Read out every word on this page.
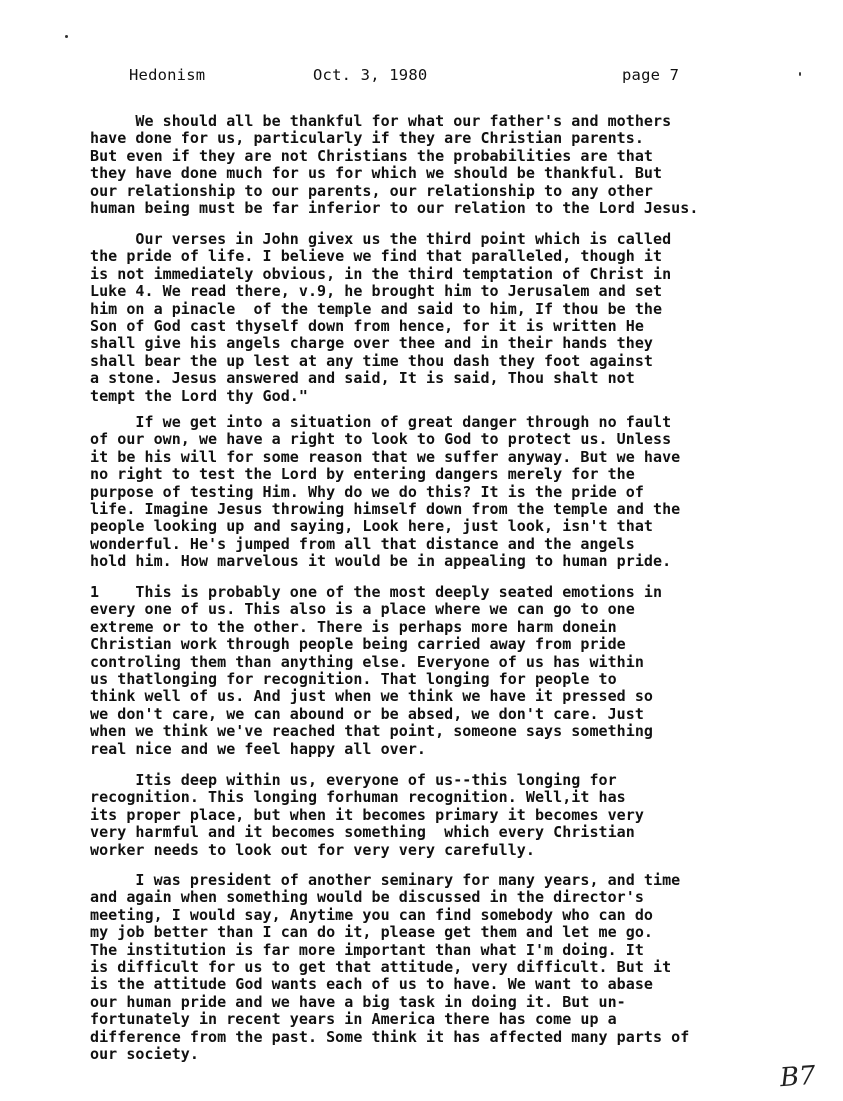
Hedonism	Oct. 3, 1980	page 7

We should all be thankful for what our father's and mothers
have done for us, particularly if they are Christian parents.
But even if they are not Christians the probabilities are that
they have done much for us for which we should be thankful. But
our relationship to our parents, our relationship to any other
human being must be far inferior to our relation to the Lord Jesus.

Our verses in John givex us the third point which is called
the pride of life. I believe we find that paralleled, though it
is not immediately obvious, in the third temptation of Christ in
Luke 4. We read there, v.9, he brought him to Jerusalem and set
him on a pinacle  of the temple and said to him, If thou be the
Son of God cast thyself down from hence, for it is written He
shall give his angels charge over thee and in their hands they
shall bear the up lest at any time thou dash they foot against
a stone. Jesus answered and said, It is said, Thou shalt not
tempt the Lord thy God."

If we get into a situation of great danger through no fault
of our own, we have a right to look to God to protect us. Unless
it be his will for some reason that we suffer anyway. But we have
no right to test the Lord by entering dangers merely for the
purpose of testing Him. Why do we do this? It is the pride of
life. Imagine Jesus throwing himself down from the temple and the
people looking up and saying, Look here, just look, isn't that
wonderful. He's jumped from all that distance and the angels
hold him. How marvelous it would be in appealing to human pride.

1    This is probably one of the most deeply seated emotions in
every one of us. This also is a place where we can go to one
extreme or to the other. There is perhaps more harm donein
Christian work through people being carried away from pride
controling them than anything else. Everyone of us has within
us thatlonging for recognition. That longing for people to
think well of us. And just when we think we have it pressed so
we don't care, we can abound or be absed, we don't care. Just
when we think we've reached that point, someone says something
real nice and we feel happy all over.

Itis deep within us, everyone of us--this longing for
recognition. This longing forhuman recognition. Well,it has
its proper place, but when it becomes primary it becomes very
very harmful and it becomes something  which every Christian
worker needs to look out for very very carefully.

I was president of another seminary for many years, and time
and again when something would be discussed in the director's
meeting, I would say, Anytime you can find somebody who can do
my job better than I can do it, please get them and let me go.
The institution is far more important than what I'm doing. It
is difficult for us to get that attitude, very difficult. But it
is the attitude God wants each of us to have. We want to abase
our human pride and we have a big task in doing it. But un-
fortunately in recent years in America there has come up a
difference from the past. Some think it has affected many parts of
our society.

B7
